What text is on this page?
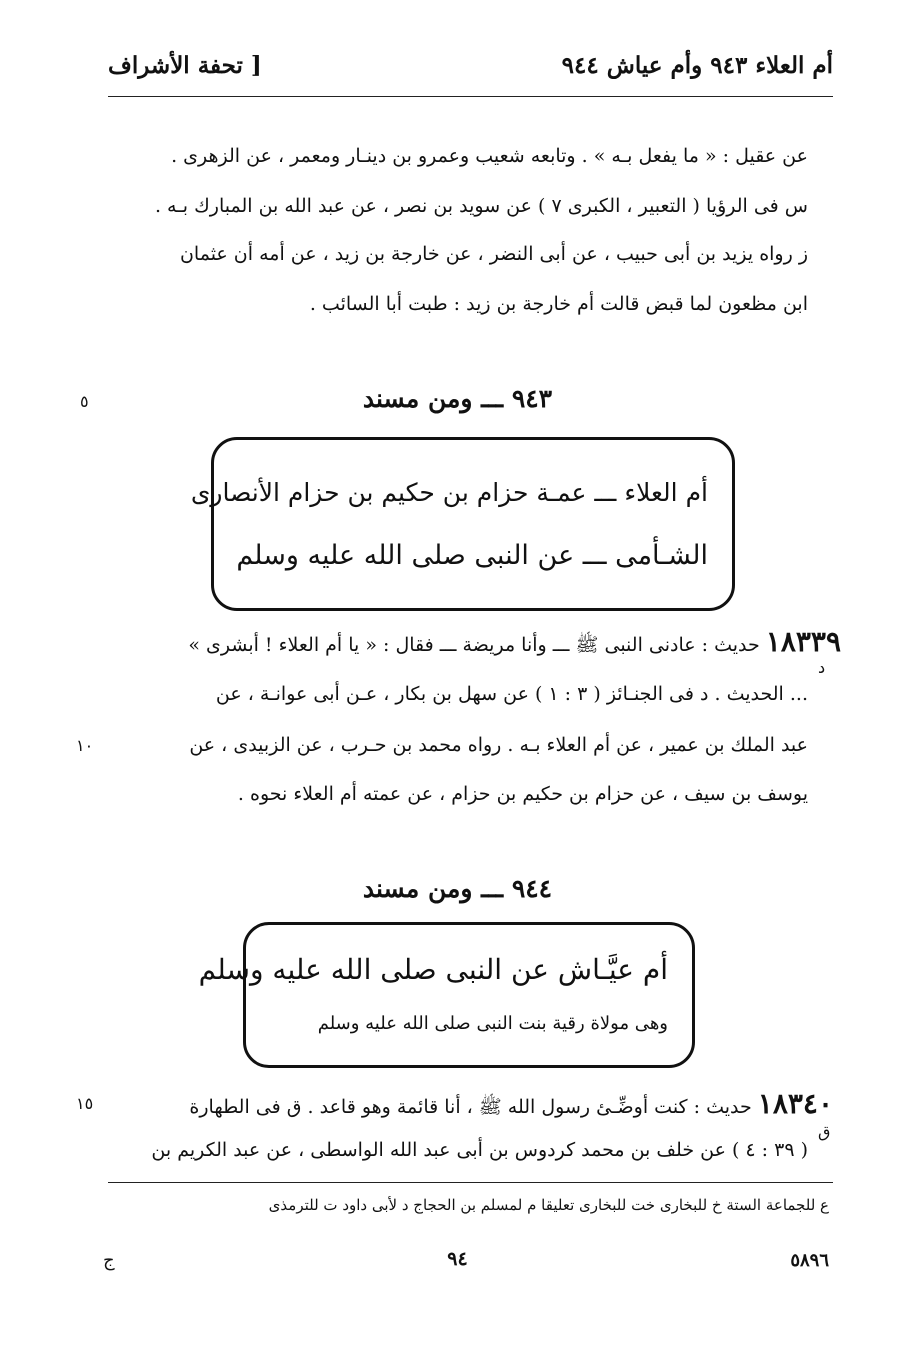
أم العلاء ٩٤٣ وأم عياش ٩٤٤
[ تحفة الأشراف
عن عقيل : « ما يفعل بـه » . وتابعه شعيب وعمرو بن دينـار ومعمر ، عن الزهرى .
س فى الرؤيا ( التعبير ، الكبرى ٧ ) عن سويد بن نصر ، عن عبد الله بن المبارك بـه .
ز رواه يزيد بن أبى حبيب ، عن أبى النضر ، عن خارجة بن زيد ، عن أمه أن عثمان
ابن مظعون لما قبض قالت أم خارجة بن زيد : طبت أبا السائب .
٥	٩٤٣ ـــ ومن مسند
أم العلاء ـــ عمـة حزام بن حكيم بن حزام الأنصارى
الشـأمى ـــ عن النبى صلى الله عليه وسلم
١٨٣٣٩ حديث : عادنى النبى ﷺ ـــ وأنا مريضة ـــ فقال : « يا أم العلاء ! أبشرى »
د
... الحديث . د فى الجنـائز ( ٣ : ١ ) عن سهل بن بكار ، عـن أبى عوانـة ، عن
عبد الملك بن عمير ، عن أم العلاء بـه . رواه محمد بن حـرب ، عن الزبيدى ، عن
١٠
يوسف بن سيف ، عن حزام بن حكيم بن حزام ، عن عمته أم العلاء نحوه .
٩٤٤ ـــ ومن مسند
أم عيَّـاش عن النبى صلى الله عليه وسلم
وهى مولاة رقية بنت النبى صلى الله عليه وسلم
١٨٣٤٠ حديث : كنت أوضِّـئ رسول الله ﷺ ، أنا قائمة وهو قاعد . ق فى الطهارة
١٥
ق
( ٣٩ : ٤ ) عن خلف بن محمد كردوس بن أبى عبد الله الواسطى ، عن عبد الكريم بن
ع للجماعة الستة خ للبخارى خت للبخارى تعليقا م لمسلم بن الحجاج د لأبى داود ت للترمذى
ج	٩٤	٥٨٩٦
